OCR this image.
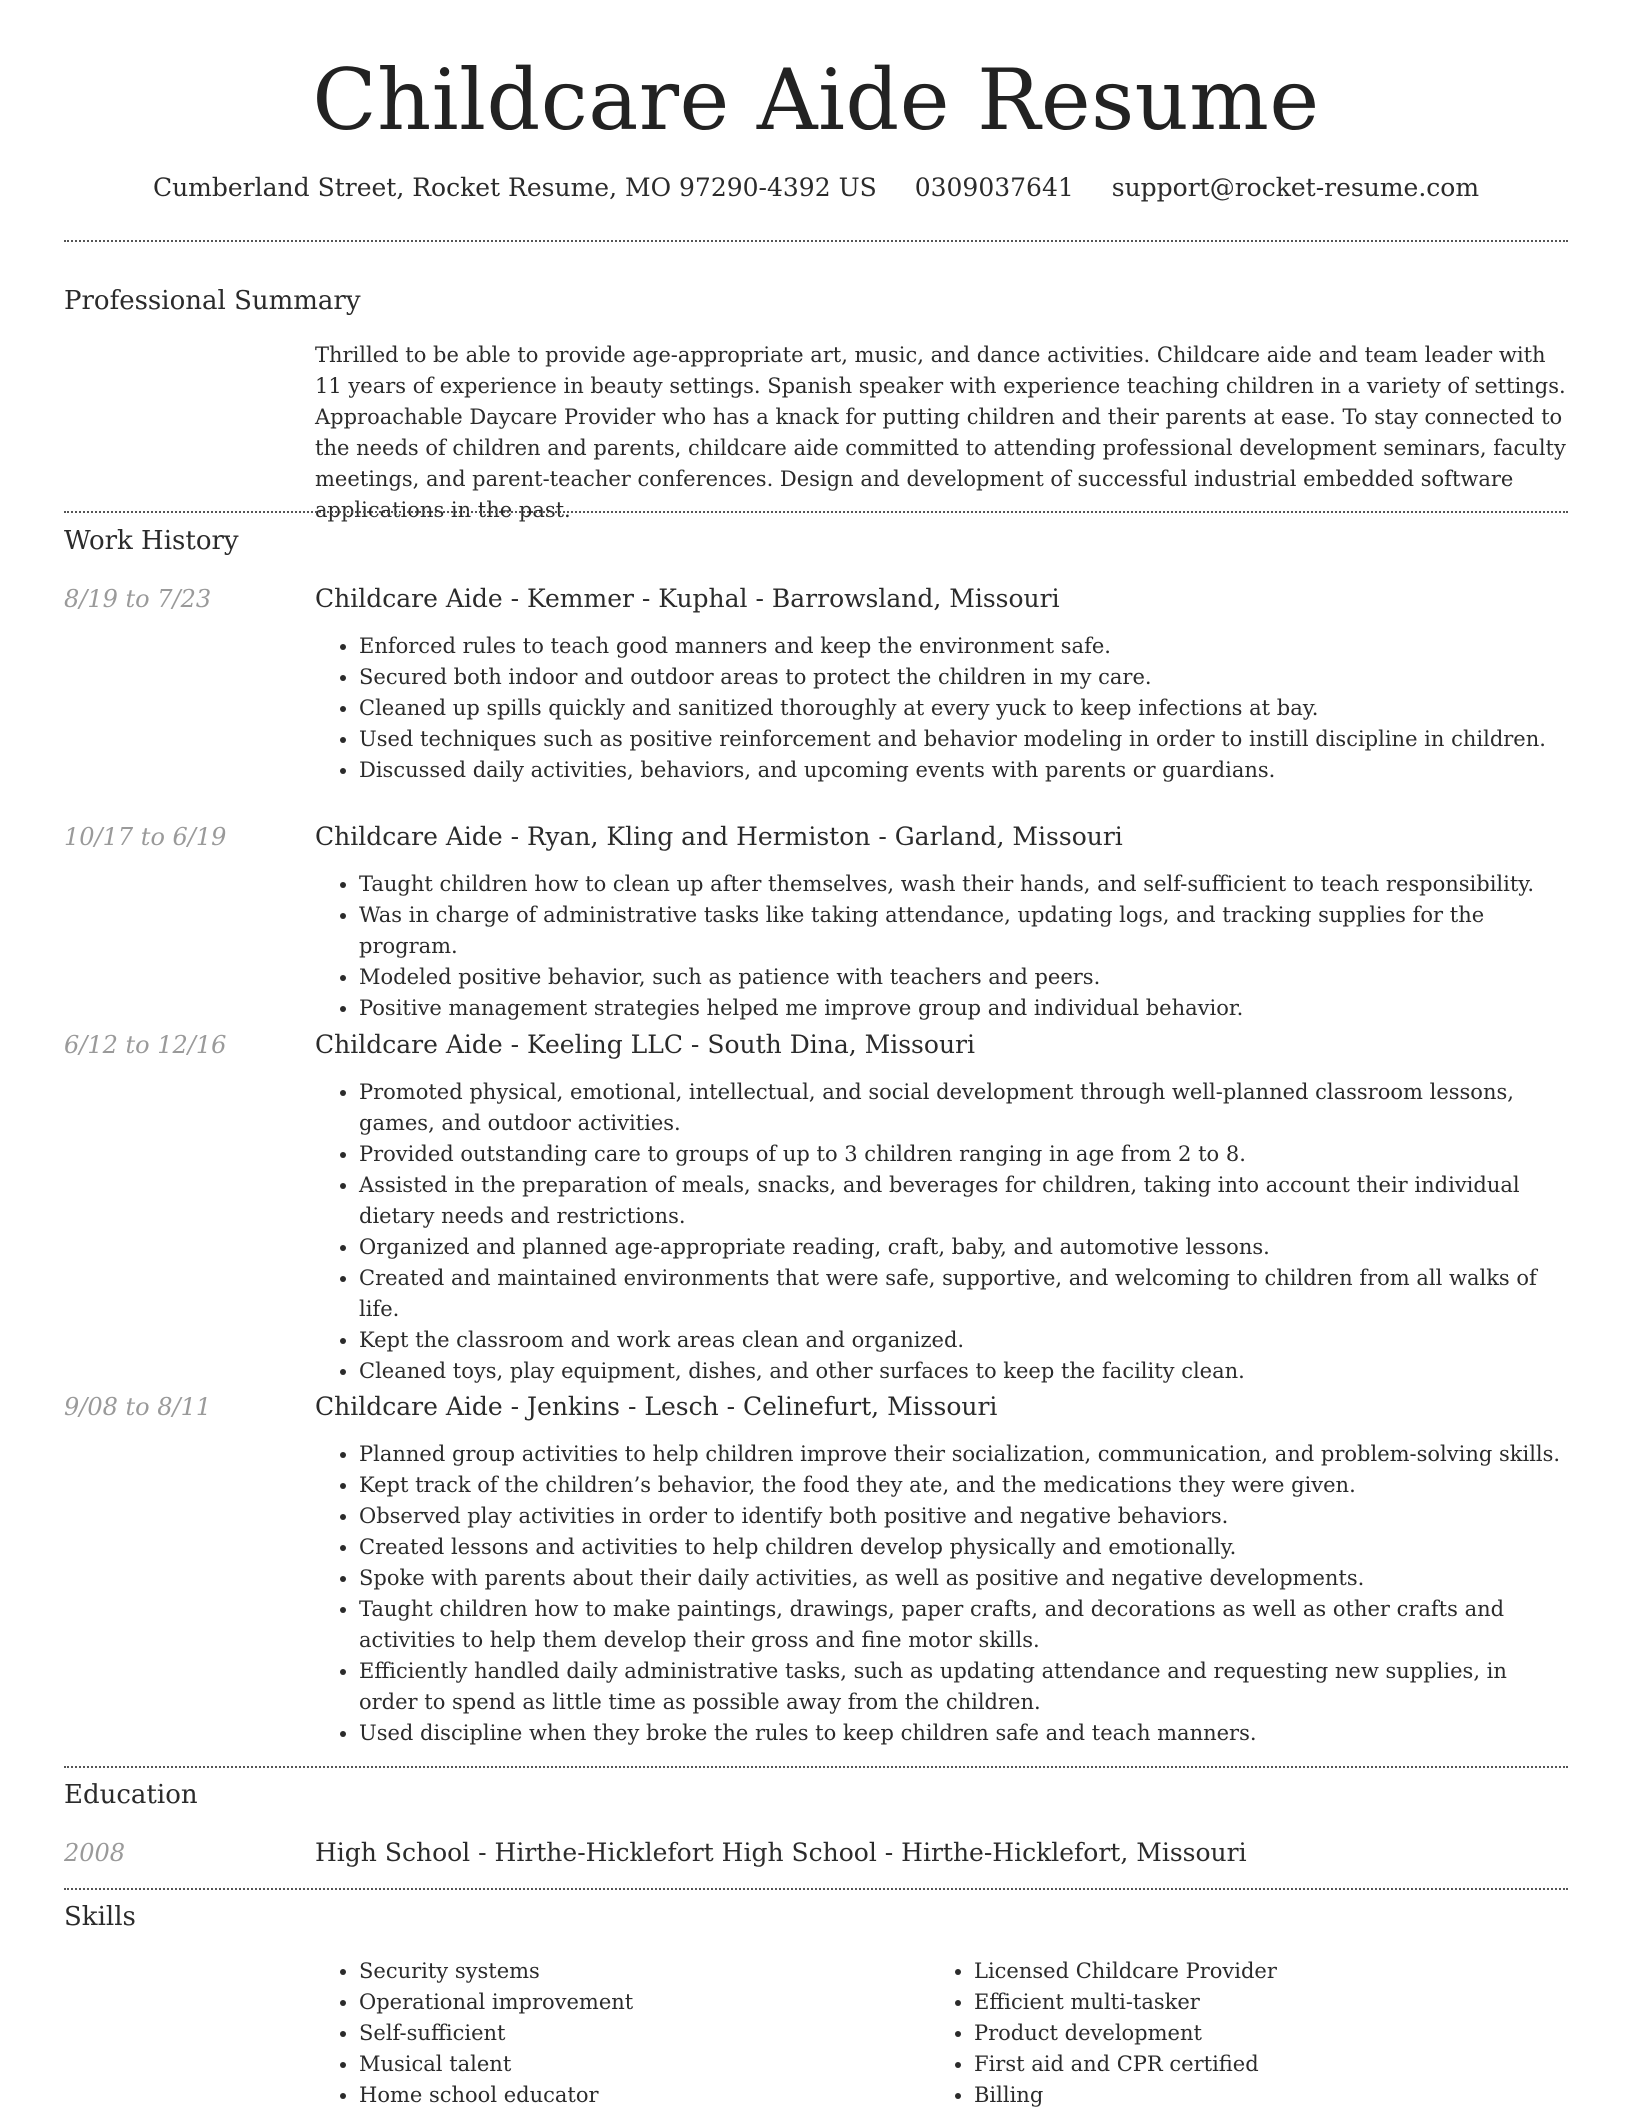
Childcare Aide Resume
Cumberland Street, Rocket Resume, MO 97290-4392 US 0309037641 support@rocket-resume.com
Professional Summary

Thrilled to be able to provide age-appropriate art, music, and dance activities. Childcare aide and team leader with 11 years of experience in beauty settings. Spanish speaker with experience teaching children in a variety of settings. Approachable Daycare Provider who has a knack for putting children and their parents at ease. To stay connected to the needs of children and parents, childcare aide committed to attending professional development seminars, faculty meetings, and parent-teacher conferences. Design and development of successful industrial embedded software applications in the past.

Work History
8/19 to 7/23	Childcare Aide - Kemmer - Kuphal - Barrowsland, Missouri
• Enforced rules to teach good manners and keep the environment safe.
• Secured both indoor and outdoor areas to protect the children in my care.
• Cleaned up spills quickly and sanitized thoroughly at every yuck to keep infections at bay.
• Used techniques such as positive reinforcement and behavior modeling in order to instill discipline in children.
• Discussed daily activities, behaviors, and upcoming events with parents or guardians.
10/17 to 6/19	Childcare Aide - Ryan, Kling and Hermiston - Garland, Missouri
• Taught children how to clean up after themselves, wash their hands, and self-sufficient to teach responsibility.
• Was in charge of administrative tasks like taking attendance, updating logs, and tracking supplies for the program.
• Modeled positive behavior, such as patience with teachers and peers.
• Positive management strategies helped me improve group and individual behavior.
6/12 to 12/16	Childcare Aide - Keeling LLC - South Dina, Missouri
• Promoted physical, emotional, intellectual, and social development through well-planned classroom lessons, games, and outdoor activities.
• Provided outstanding care to groups of up to 3 children ranging in age from 2 to 8.
• Assisted in the preparation of meals, snacks, and beverages for children, taking into account their individual dietary needs and restrictions.
• Organized and planned age-appropriate reading, craft, baby, and automotive lessons.
• Created and maintained environments that were safe, supportive, and welcoming to children from all walks of life.
• Kept the classroom and work areas clean and organized.
• Cleaned toys, play equipment, dishes, and other surfaces to keep the facility clean.
9/08 to 8/11	Childcare Aide - Jenkins - Lesch - Celinefurt, Missouri
• Planned group activities to help children improve their socialization, communication, and problem-solving skills.
• Kept track of the children’s behavior, the food they ate, and the medications they were given.
• Observed play activities in order to identify both positive and negative behaviors.
• Created lessons and activities to help children develop physically and emotionally.
• Spoke with parents about their daily activities, as well as positive and negative developments.
• Taught children how to make paintings, drawings, paper crafts, and decorations as well as other crafts and activities to help them develop their gross and fine motor skills.
• Efficiently handled daily administrative tasks, such as updating attendance and requesting new supplies, in order to spend as little time as possible away from the children.
• Used discipline when they broke the rules to keep children safe and teach manners.
Education
2008	High School - Hirthe-Hicklefort High School - Hirthe-Hicklefort, Missouri
Skills
• Security systems
• Operational improvement
• Self-sufficient
• Musical talent
• Home school educator
• Licensed Childcare Provider
• Efficient multi-tasker
• Product development
• First aid and CPR certified
• Billing
